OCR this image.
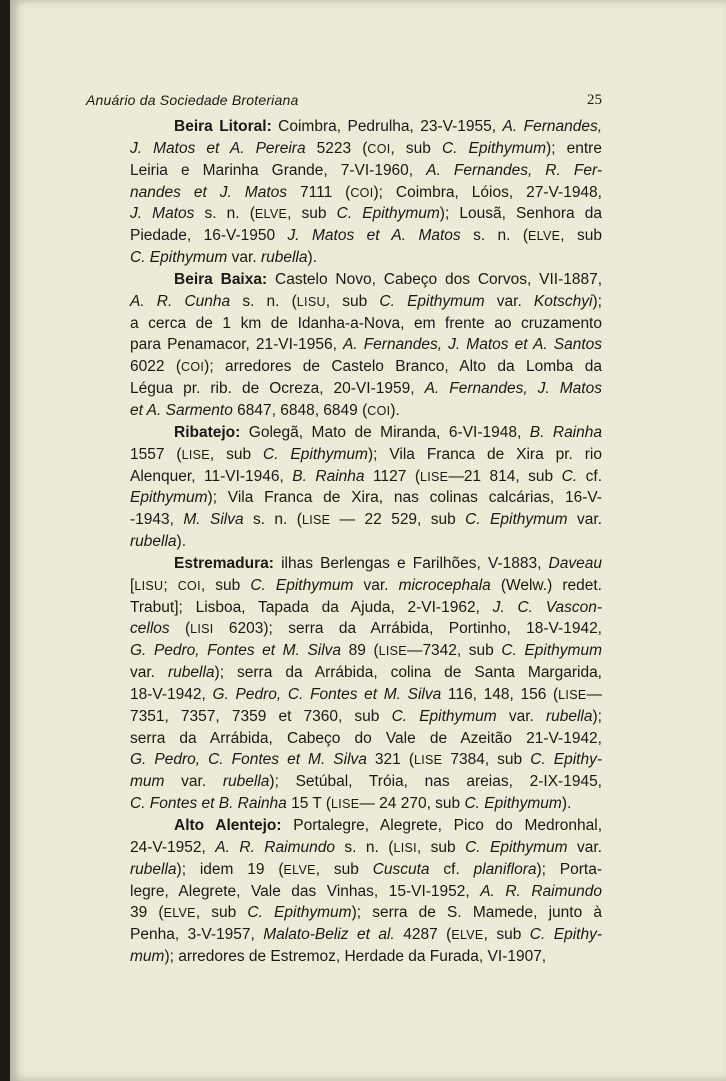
Anuário da Sociedade Broteriana	25
Beira Litoral: Coimbra, Pedrulha, 23-V-1955, A. Fernandes,
J. Matos et A. Pereira 5223 (COI, sub C. Epithymum); entre
Leiria e Marinha Grande, 7-VI-1960, A. Fernandes, R. Fer-
nandes et J. Matos 7111 (COI); Coimbra, Lóios, 27-V-1948,
J. Matos s. n. (ELVE, sub C. Epithymum); Lousã, Senhora da
Piedade, 16-V-1950 J. Matos et A. Matos s. n. (ELVE, sub
C. Epithymum var. rubella).
Beira Baixa: Castelo Novo, Cabeço dos Corvos, VII-1887,
A. R. Cunha s. n. (LISU, sub C. Epithymum var. Kotschyi);
a cerca de 1 km de Idanha-a-Nova, em frente ao cruzamento
para Penamacor, 21-VI-1956, A. Fernandes, J. Matos et A. Santos
6022 (COI); arredores de Castelo Branco, Alto da Lomba da
Légua pr. rib. de Ocreza, 20-VI-1959, A. Fernandes, J. Matos
et A. Sarmento 6847, 6848, 6849 (COI).
Ribatejo: Golegã, Mato de Miranda, 6-VI-1948, B. Rainha
1557 (LISE, sub C. Epithymum); Vila Franca de Xira pr. rio
Alenquer, 11-VI-1946, B. Rainha 1127 (LISE—21 814, sub C. cf.
Epithymum); Vila Franca de Xira, nas colinas calcárias, 16-V-
-1943, M. Silva s. n. (LISE — 22 529, sub C. Epithymum var.
rubella).
Estremadura: ilhas Berlengas e Farilhões, V-1883, Daveau
[LISU; COI, sub C. Epithymum var. microcephala (Welw.) redet.
Trabut]; Lisboa, Tapada da Ajuda, 2-VI-1962, J. C. Vascon-
cellos (LISI 6203); serra da Arrábida, Portinho, 18-V-1942,
G. Pedro, Fontes et M. Silva 89 (LISE—7342, sub C. Epithymum
var. rubella); serra da Arrábida, colina de Santa Margarida,
18-V-1942, G. Pedro, C. Fontes et M. Silva 116, 148, 156 (LISE—
7351, 7357, 7359 et 7360, sub C. Epithymum var. rubella);
serra da Arrábida, Cabeço do Vale de Azeitão 21-V-1942,
G. Pedro, C. Fontes et M. Silva 321 (LISE 7384, sub C. Epithy-
mum var. rubella); Setúbal, Tróia, nas areias, 2-IX-1945,
C. Fontes et B. Rainha 15 T (LISE— 24 270, sub C. Epithymum).
Alto Alentejo: Portalegre, Alegrete, Pico do Medronhal,
24-V-1952, A. R. Raimundo s. n. (LISI, sub C. Epithymum var.
rubella); idem 19 (ELVE, sub Cuscuta cf. planiflora); Porta-
legre, Alegrete, Vale das Vinhas, 15-VI-1952, A. R. Raimundo
39 (ELVE, sub C. Epithymum); serra de S. Mamede, junto à
Penha, 3-V-1957, Malato-Beliz et al. 4287 (ELVE, sub C. Epithy-
mum); arredores de Estremoz, Herdade da Furada, VI-1907,
